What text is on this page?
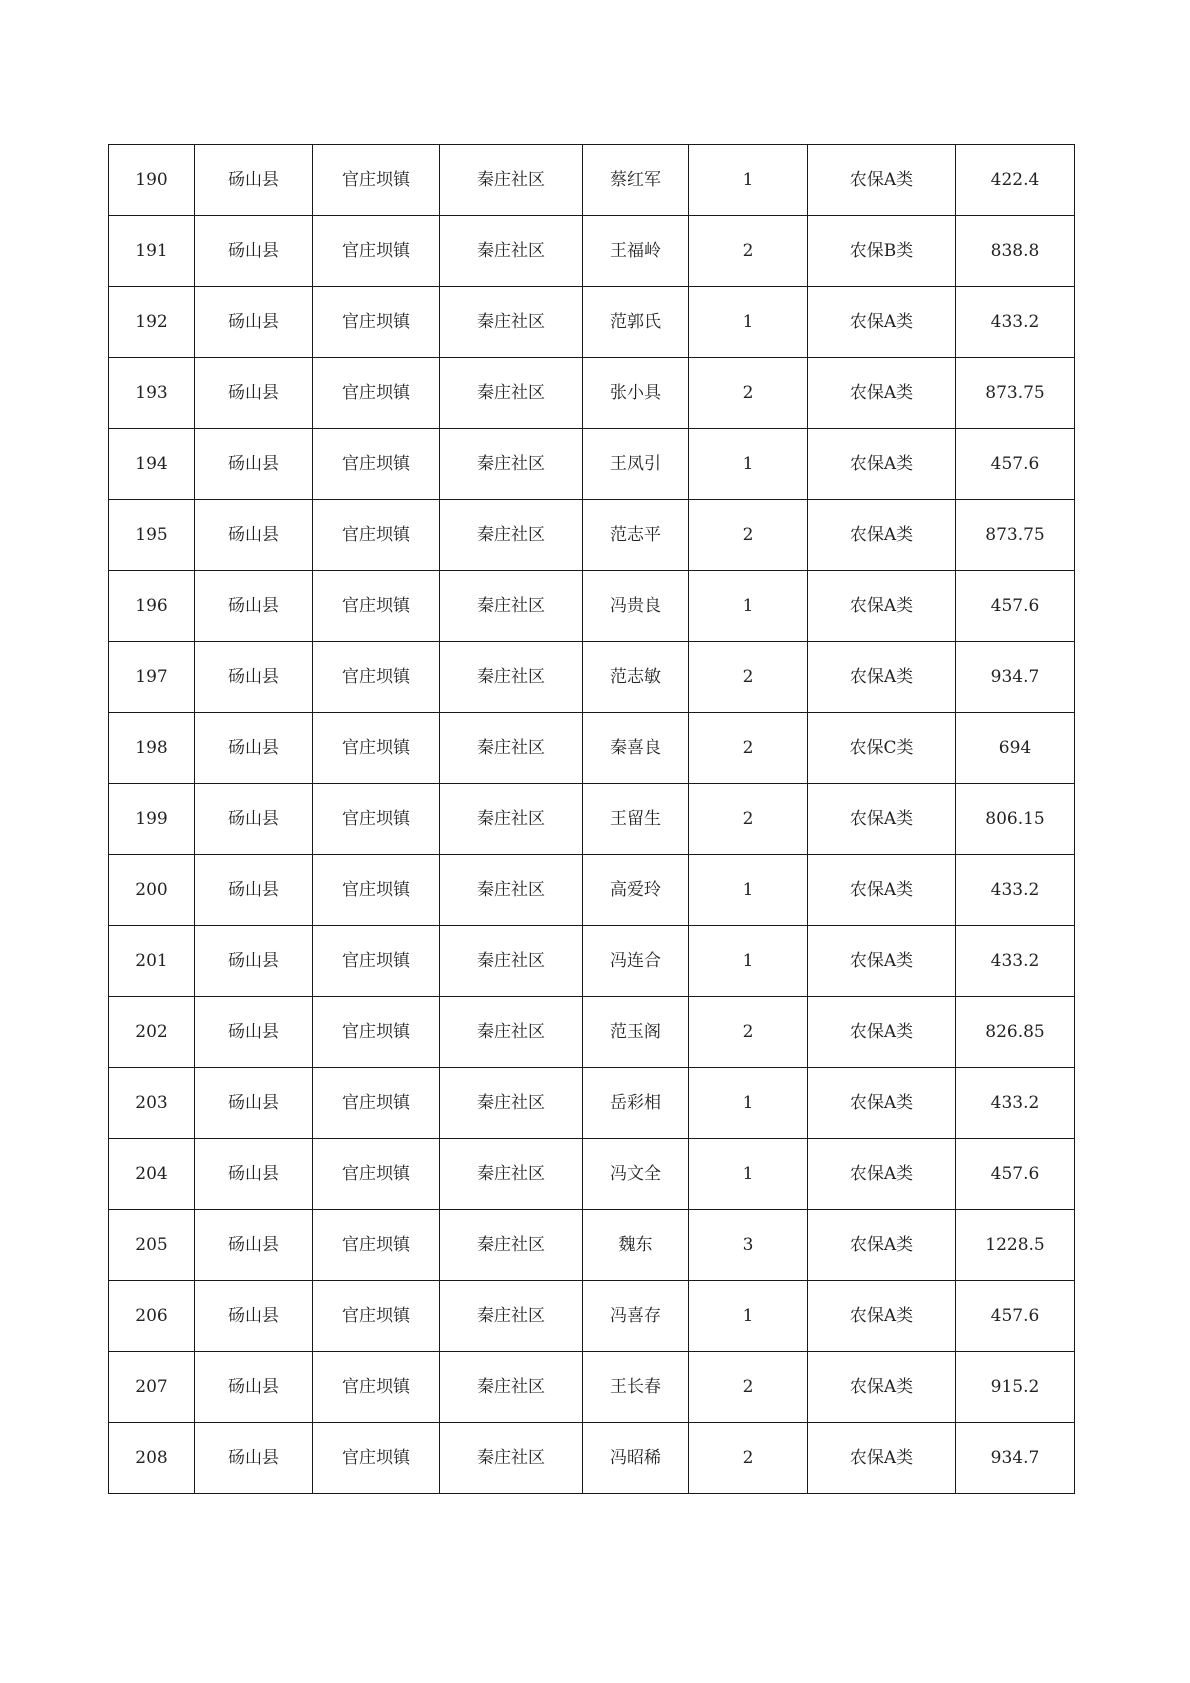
190	砀山县	官庄坝镇	秦庄社区	蔡红军	1	农保A类	422.4
191	砀山县	官庄坝镇	秦庄社区	王福岭	2	农保B类	838.8
192	砀山县	官庄坝镇	秦庄社区	范郭氏	1	农保A类	433.2
193	砀山县	官庄坝镇	秦庄社区	张小具	2	农保A类	873.75
194	砀山县	官庄坝镇	秦庄社区	王凤引	1	农保A类	457.6
195	砀山县	官庄坝镇	秦庄社区	范志平	2	农保A类	873.75
196	砀山县	官庄坝镇	秦庄社区	冯贵良	1	农保A类	457.6
197	砀山县	官庄坝镇	秦庄社区	范志敏	2	农保A类	934.7
198	砀山县	官庄坝镇	秦庄社区	秦喜良	2	农保C类	694
199	砀山县	官庄坝镇	秦庄社区	王留生	2	农保A类	806.15
200	砀山县	官庄坝镇	秦庄社区	高爱玲	1	农保A类	433.2
201	砀山县	官庄坝镇	秦庄社区	冯连合	1	农保A类	433.2
202	砀山县	官庄坝镇	秦庄社区	范玉阁	2	农保A类	826.85
203	砀山县	官庄坝镇	秦庄社区	岳彩相	1	农保A类	433.2
204	砀山县	官庄坝镇	秦庄社区	冯文全	1	农保A类	457.6
205	砀山县	官庄坝镇	秦庄社区	魏东	3	农保A类	1228.5
206	砀山县	官庄坝镇	秦庄社区	冯喜存	1	农保A类	457.6
207	砀山县	官庄坝镇	秦庄社区	王长春	2	农保A类	915.2
208	砀山县	官庄坝镇	秦庄社区	冯昭稀	2	农保A类	934.7
